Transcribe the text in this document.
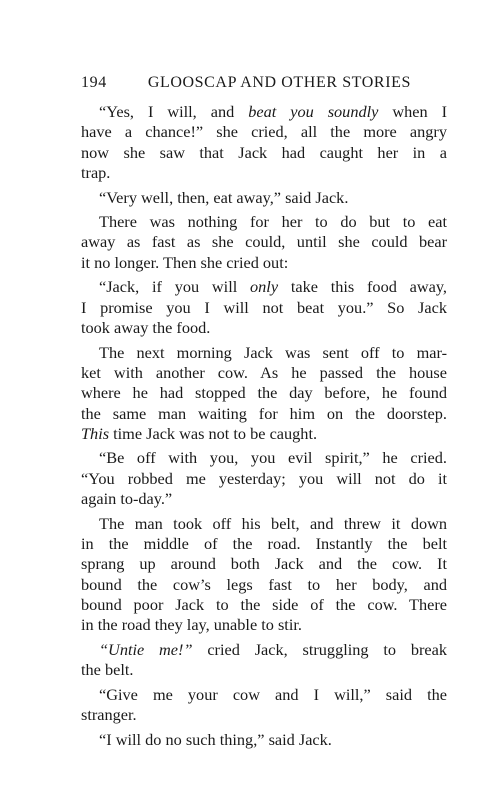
194	GLOOSCAP AND OTHER STORIES
“Yes, I will, and beat you soundly when I
have a chance!” she cried, all the more angry
now she saw that Jack had caught her in a
trap.
“Very well, then, eat away,” said Jack.
There was nothing for her to do but to eat
away as fast as she could, until she could bear
it no longer. Then she cried out:
“Jack, if you will only take this food away,
I promise you I will not beat you.” So Jack
took away the food.
The next morning Jack was sent off to mar-
ket with another cow. As he passed the house
where he had stopped the day before, he found
the same man waiting for him on the doorstep.
This time Jack was not to be caught.
“Be off with you, you evil spirit,” he cried.
“You robbed me yesterday; you will not do it
again to-day.”
The man took off his belt, and threw it down
in the middle of the road. Instantly the belt
sprang up around both Jack and the cow. It
bound the cow’s legs fast to her body, and
bound poor Jack to the side of the cow. There
in the road they lay, unable to stir.
“Untie me!” cried Jack, struggling to break
the belt.
“Give me your cow and I will,” said the
stranger.
“I will do no such thing,” said Jack.
